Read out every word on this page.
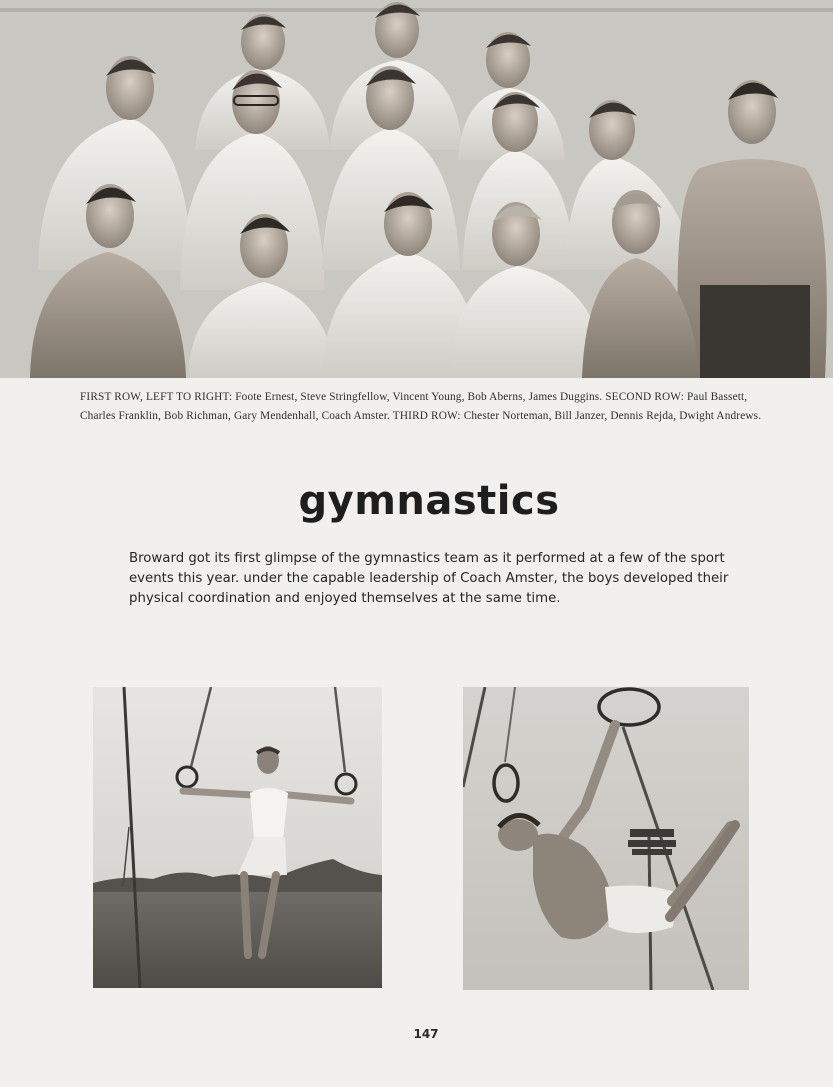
FIRST ROW, LEFT TO RIGHT: Foote Ernest, Steve Stringfellow, Vincent Young, Bob Aberns, James Duggins. SECOND ROW: Paul Bassett, Charles Franklin, Bob Richman, Gary Mendenhall, Coach Amster. THIRD ROW: Chester Norteman, Bill Janzer, Dennis Rejda, Dwight Andrews.

gymnastics

Broward got its first glimpse of the gymnastics team as it performed at a few of the sport events this year. under the capable leadership of Coach Amster, the boys developed their physical coordination and enjoyed themselves at the same time.

147
